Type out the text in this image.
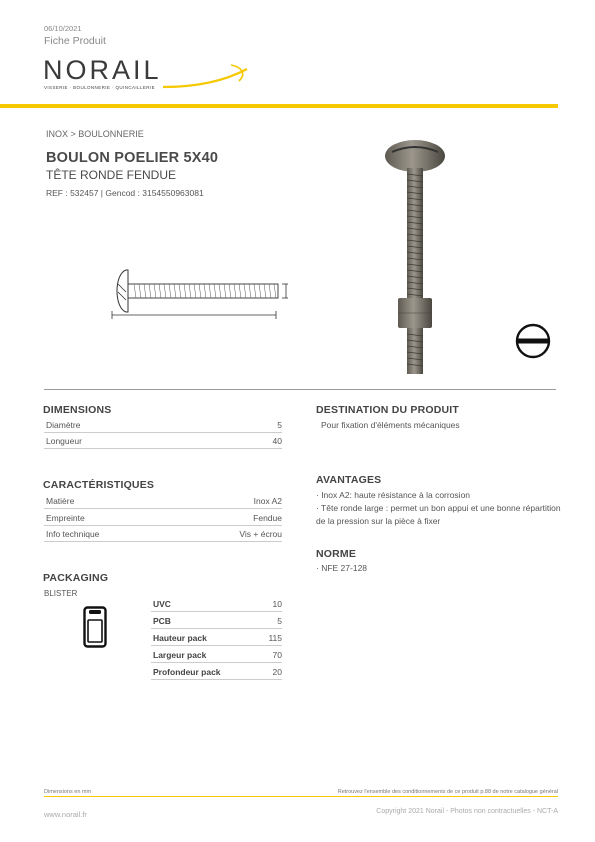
06/10/2021
Fiche Produit
NORAIL
VISSERIE · BOULONNERIE · QUINCAILLERIE
INOX > BOULONNERIE
BOULON POELIER 5X40
TÊTE RONDE FENDUE
REF : 532457 | Gencod : 3154550963081
DIMENSIONS
Diamètre	5
Longueur	40
CARACTÉRISTIQUES
Matière	Inox A2
Empreinte	Fendue
Info technique	Vis + écrou
PACKAGING
BLISTER
UVC	10
PCB	5
Hauteur pack	115
Largeur pack	70
Profondeur pack	20
DESTINATION DU PRODUIT
Pour fixation d'éléments mécaniques
AVANTAGES
· Inox A2: haute résistance à la corrosion
· Tête ronde large : permet un bon appui et une bonne répartition de la pression sur la pièce à fixer
NORME
· NFE 27-128
Dimensions en mm	Retrouvez l'ensemble des conditionnements de ce produit p.88 de notre catalogue général
www.norail.fr	Copyright 2021 Norail - Photos non contractuelles - NCT-A
